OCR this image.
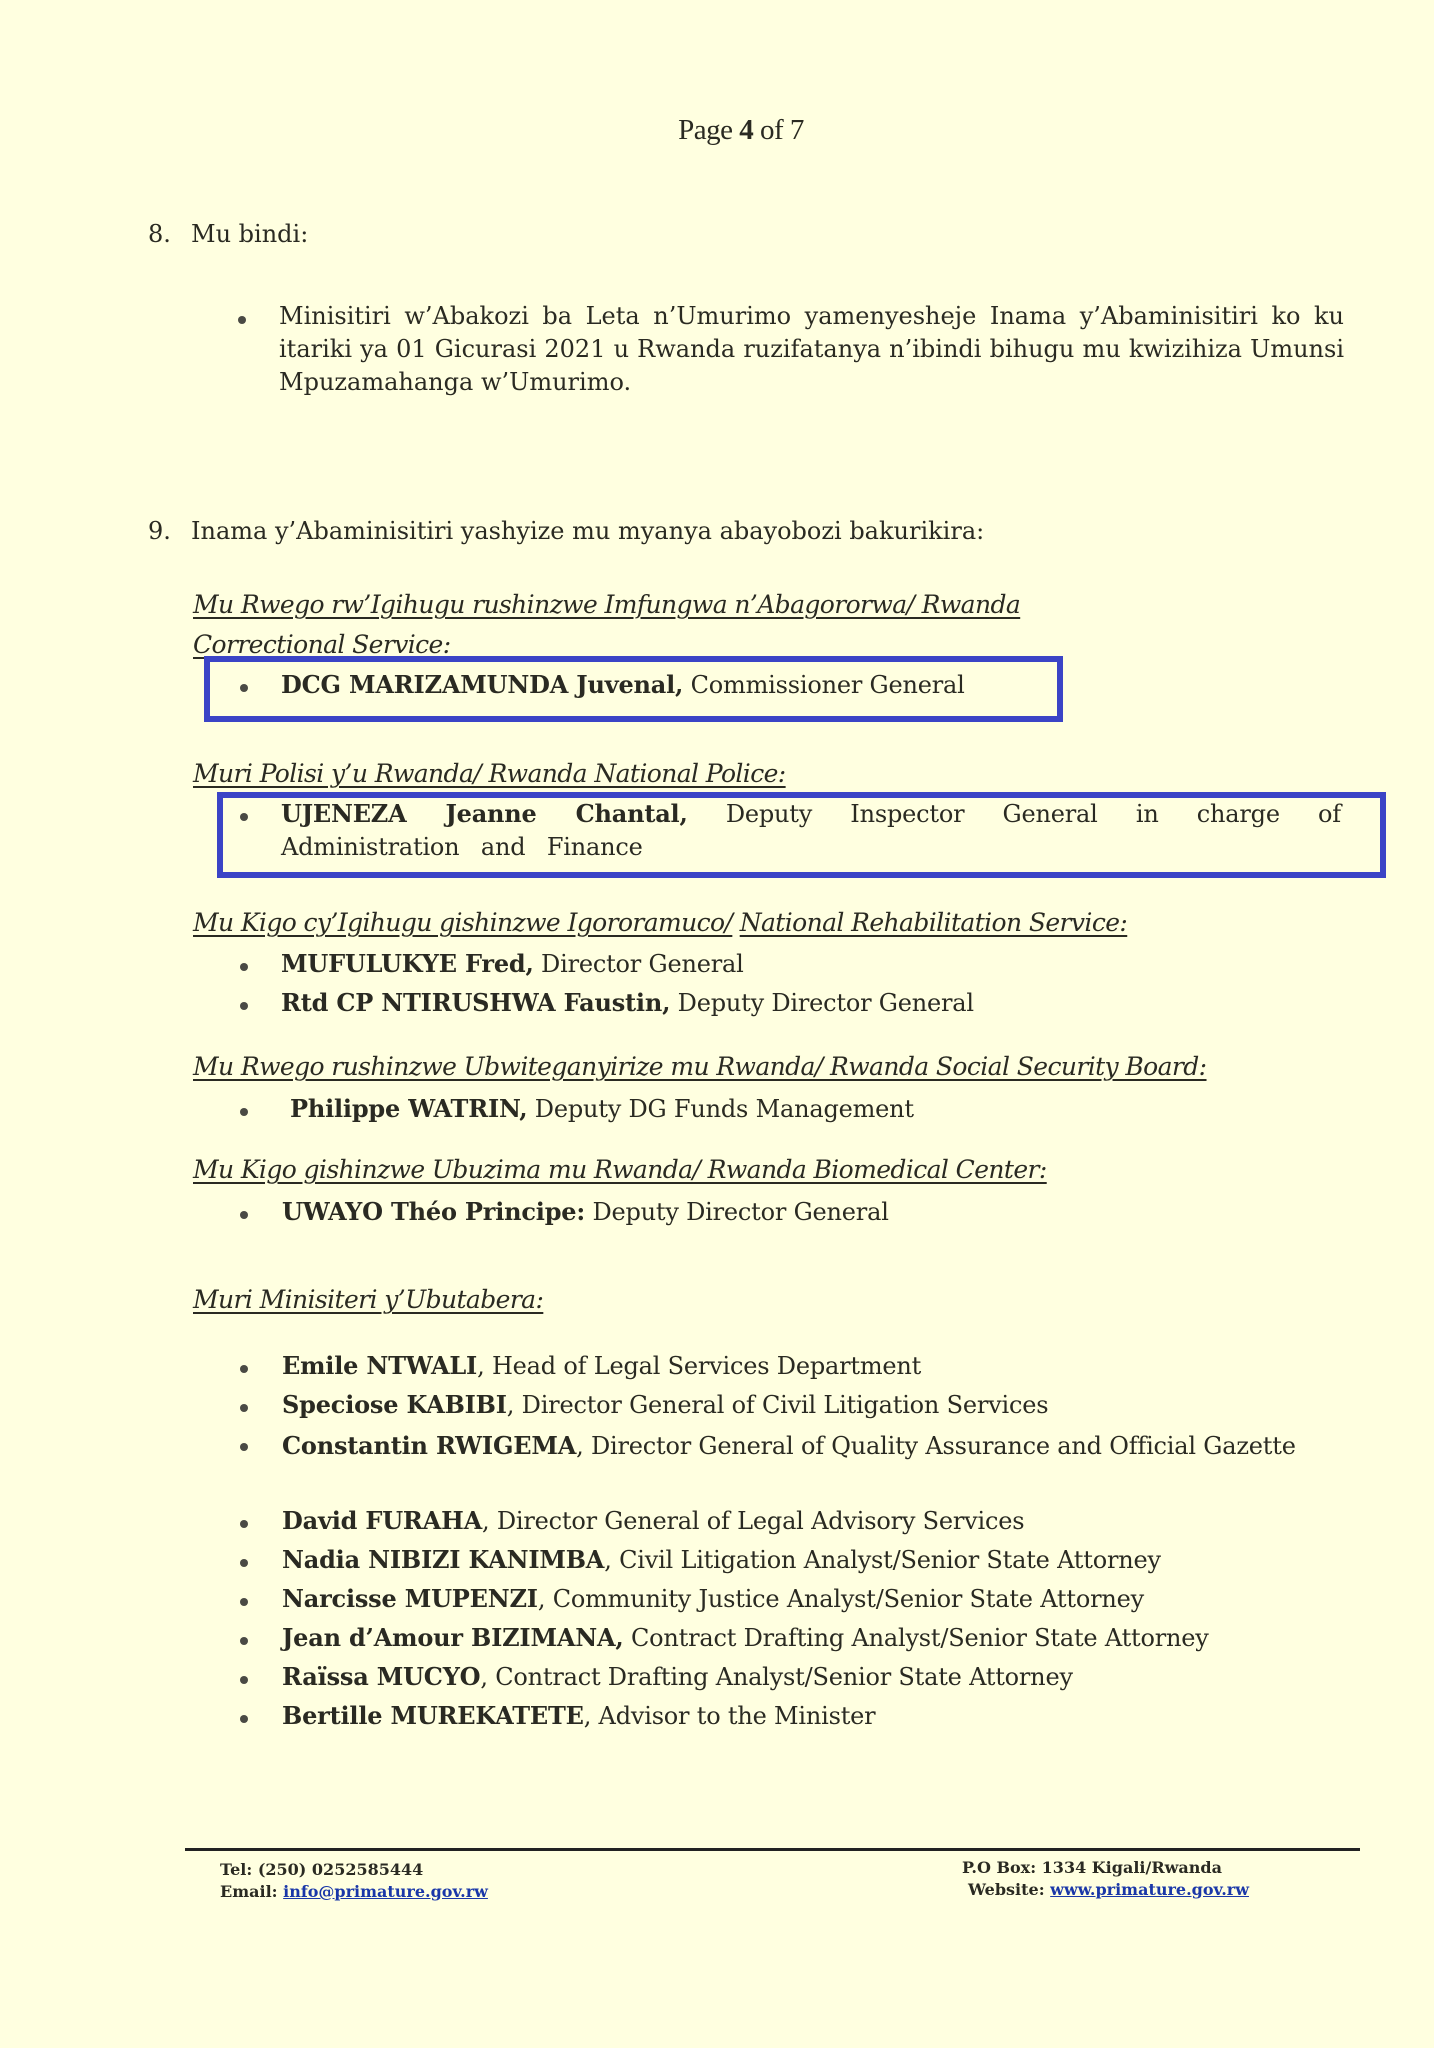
Page 4 of 7
8. Mu bindi:
Minisitiri w’Abakozi ba Leta n’Umurimo yamenyesheje Inama y’Abaminisitiri ko ku itariki ya 01 Gicurasi 2021 u Rwanda ruzifatanya n’ibindi bihugu mu kwizihiza Umunsi Mpuzamahanga w’Umurimo.
9. Inama y’Abaminisitiri yashyize mu myanya abayobozi bakurikira:
Mu Rwego rw’Igihugu rushinzwe Imfungwa n’Abagororwa/ Rwanda
Correctional Service:
DCG MARIZAMUNDA Juvenal, Commissioner General
Muri Polisi y’u Rwanda/ Rwanda National Police:
UJENEZA Jeanne Chantal, Deputy Inspector General in charge of Administration and Finance
Mu Kigo cy’Igihugu gishinzwe Igororamuco/ National Rehabilitation Service:
MUFULUKYE Fred, Director General
Rtd CP NTIRUSHWA Faustin, Deputy Director General
Mu Rwego rushinzwe Ubwiteganyirize mu Rwanda/ Rwanda Social Security Board:
Philippe WATRIN, Deputy DG Funds Management
Mu Kigo gishinzwe Ubuzima mu Rwanda/ Rwanda Biomedical Center:
UWAYO Théo Principe: Deputy Director General
Muri Minisiteri y’Ubutabera:
Emile NTWALI, Head of Legal Services Department
Speciose KABIBI, Director General of Civil Litigation Services
Constantin RWIGEMA, Director General of Quality Assurance and Official Gazette
David FURAHA, Director General of Legal Advisory Services
Nadia NIBIZI KANIMBA, Civil Litigation Analyst/Senior State Attorney
Narcisse MUPENZI, Community Justice Analyst/Senior State Attorney
Jean d’Amour BIZIMANA, Contract Drafting Analyst/Senior State Attorney
Raïssa MUCYO, Contract Drafting Analyst/Senior State Attorney
Bertille MUREKATETE, Advisor to the Minister
Tel: (250) 0252585444
Email: info@primature.gov.rw
P.O Box: 1334 Kigali/Rwanda
Website: www.primature.gov.rw
